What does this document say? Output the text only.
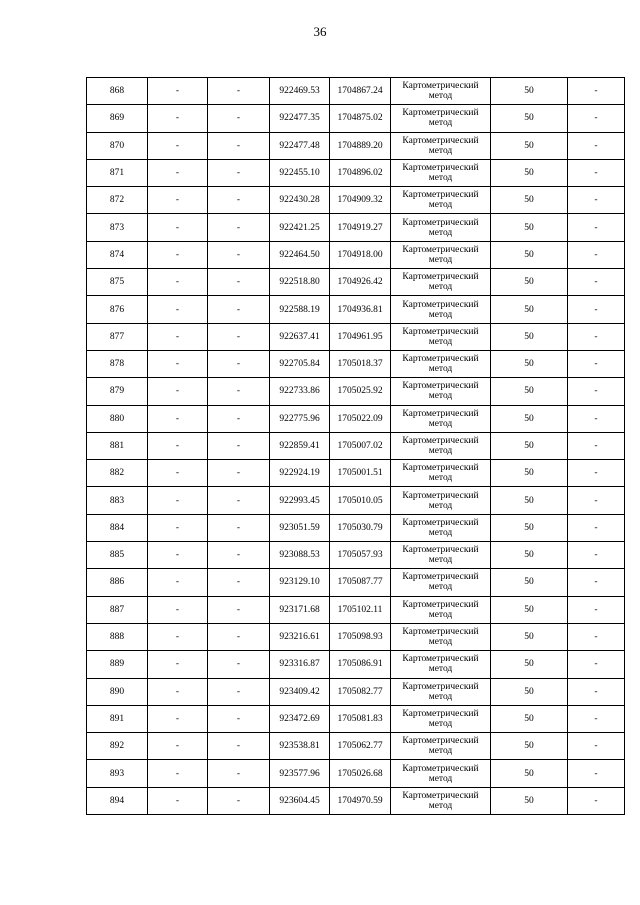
36
868	-	-	922469.53	1704867.24	Картометрический метод	50	-
869	-	-	922477.35	1704875.02	Картометрический метод	50	-
870	-	-	922477.48	1704889.20	Картометрический метод	50	-
871	-	-	922455.10	1704896.02	Картометрический метод	50	-
872	-	-	922430.28	1704909.32	Картометрический метод	50	-
873	-	-	922421.25	1704919.27	Картометрический метод	50	-
874	-	-	922464.50	1704918.00	Картометрический метод	50	-
875	-	-	922518.80	1704926.42	Картометрический метод	50	-
876	-	-	922588.19	1704936.81	Картометрический метод	50	-
877	-	-	922637.41	1704961.95	Картометрический метод	50	-
878	-	-	922705.84	1705018.37	Картометрический метод	50	-
879	-	-	922733.86	1705025.92	Картометрический метод	50	-
880	-	-	922775.96	1705022.09	Картометрический метод	50	-
881	-	-	922859.41	1705007.02	Картометрический метод	50	-
882	-	-	922924.19	1705001.51	Картометрический метод	50	-
883	-	-	922993.45	1705010.05	Картометрический метод	50	-
884	-	-	923051.59	1705030.79	Картометрический метод	50	-
885	-	-	923088.53	1705057.93	Картометрический метод	50	-
886	-	-	923129.10	1705087.77	Картометрический метод	50	-
887	-	-	923171.68	1705102.11	Картометрический метод	50	-
888	-	-	923216.61	1705098.93	Картометрический метод	50	-
889	-	-	923316.87	1705086.91	Картометрический метод	50	-
890	-	-	923409.42	1705082.77	Картометрический метод	50	-
891	-	-	923472.69	1705081.83	Картометрический метод	50	-
892	-	-	923538.81	1705062.77	Картометрический метод	50	-
893	-	-	923577.96	1705026.68	Картометрический метод	50	-
894	-	-	923604.45	1704970.59	Картометрический метод	50	-
